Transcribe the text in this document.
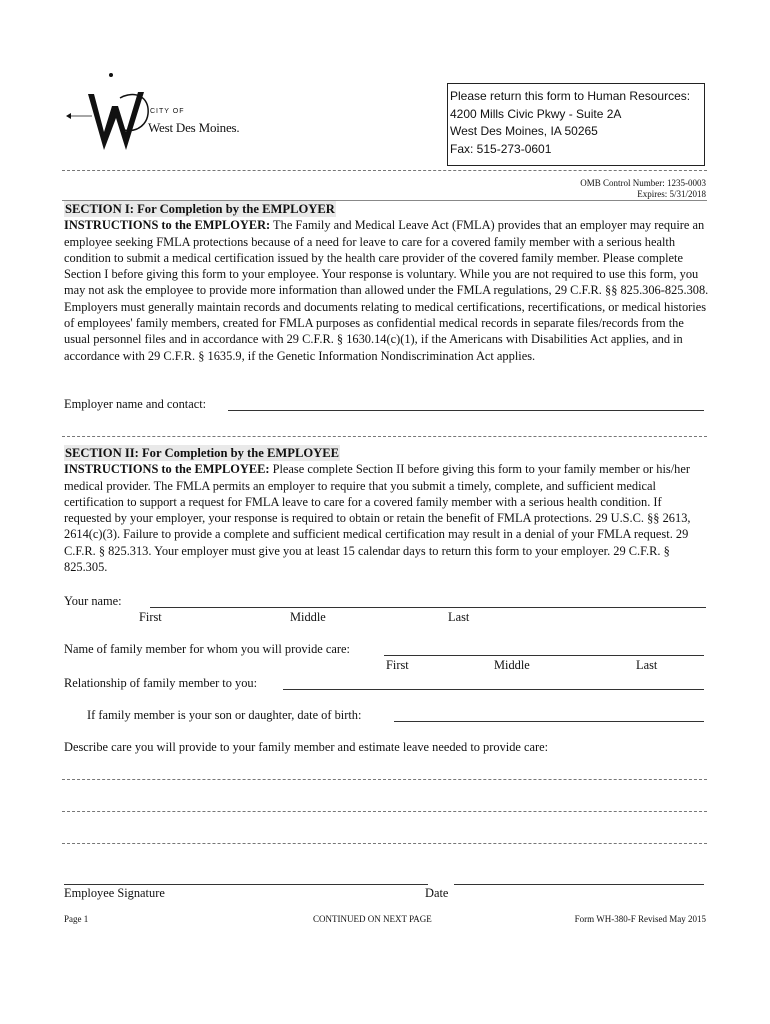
CITY OF
West Des Moines.
Please return this form to Human Resources:
4200 Mills Civic Pkwy - Suite 2A
West Des Moines, IA 50265
Fax: 515-273-0601
OMB Control Number: 1235-0003
Expires: 5/31/2018
SECTION I: For Completion by the EMPLOYER
INSTRUCTIONS to the EMPLOYER: The Family and Medical Leave Act (FMLA) provides that an employer may require an employee seeking FMLA protections because of a need for leave to care for a covered family member with a serious health condition to submit a medical certification issued by the health care provider of the covered family member. Please complete Section I before giving this form to your employee. Your response is voluntary. While you are not required to use this form, you may not ask the employee to provide more information than allowed under the FMLA regulations, 29 C.F.R. §§ 825.306-825.308. Employers must generally maintain records and documents relating to medical certifications, recertifications, or medical histories of employees' family members, created for FMLA purposes as confidential medical records in separate files/records from the usual personnel files and in accordance with 29 C.F.R. § 1630.14(c)(1), if the Americans with Disabilities Act applies, and in accordance with 29 C.F.R. § 1635.9, if the Genetic Information Nondiscrimination Act applies.
Employer name and contact:
SECTION II: For Completion by the EMPLOYEE
INSTRUCTIONS to the EMPLOYEE: Please complete Section II before giving this form to your family member or his/her medical provider. The FMLA permits an employer to require that you submit a timely, complete, and sufficient medical certification to support a request for FMLA leave to care for a covered family member with a serious health condition. If requested by your employer, your response is required to obtain or retain the benefit of FMLA protections. 29 U.S.C. §§ 2613, 2614(c)(3). Failure to provide a complete and sufficient medical certification may result in a denial of your FMLA request. 29 C.F.R. § 825.313. Your employer must give you at least 15 calendar days to return this form to your employer. 29 C.F.R. § 825.305.
Your name:
First	Middle	Last
Name of family member for whom you will provide care:
First	Middle	Last
Relationship of family member to you:
If family member is your son or daughter, date of birth:
Describe care you will provide to your family member and estimate leave needed to provide care:
Employee Signature	Date
Page 1	CONTINUED ON NEXT PAGE	Form WH-380-F Revised May 2015
